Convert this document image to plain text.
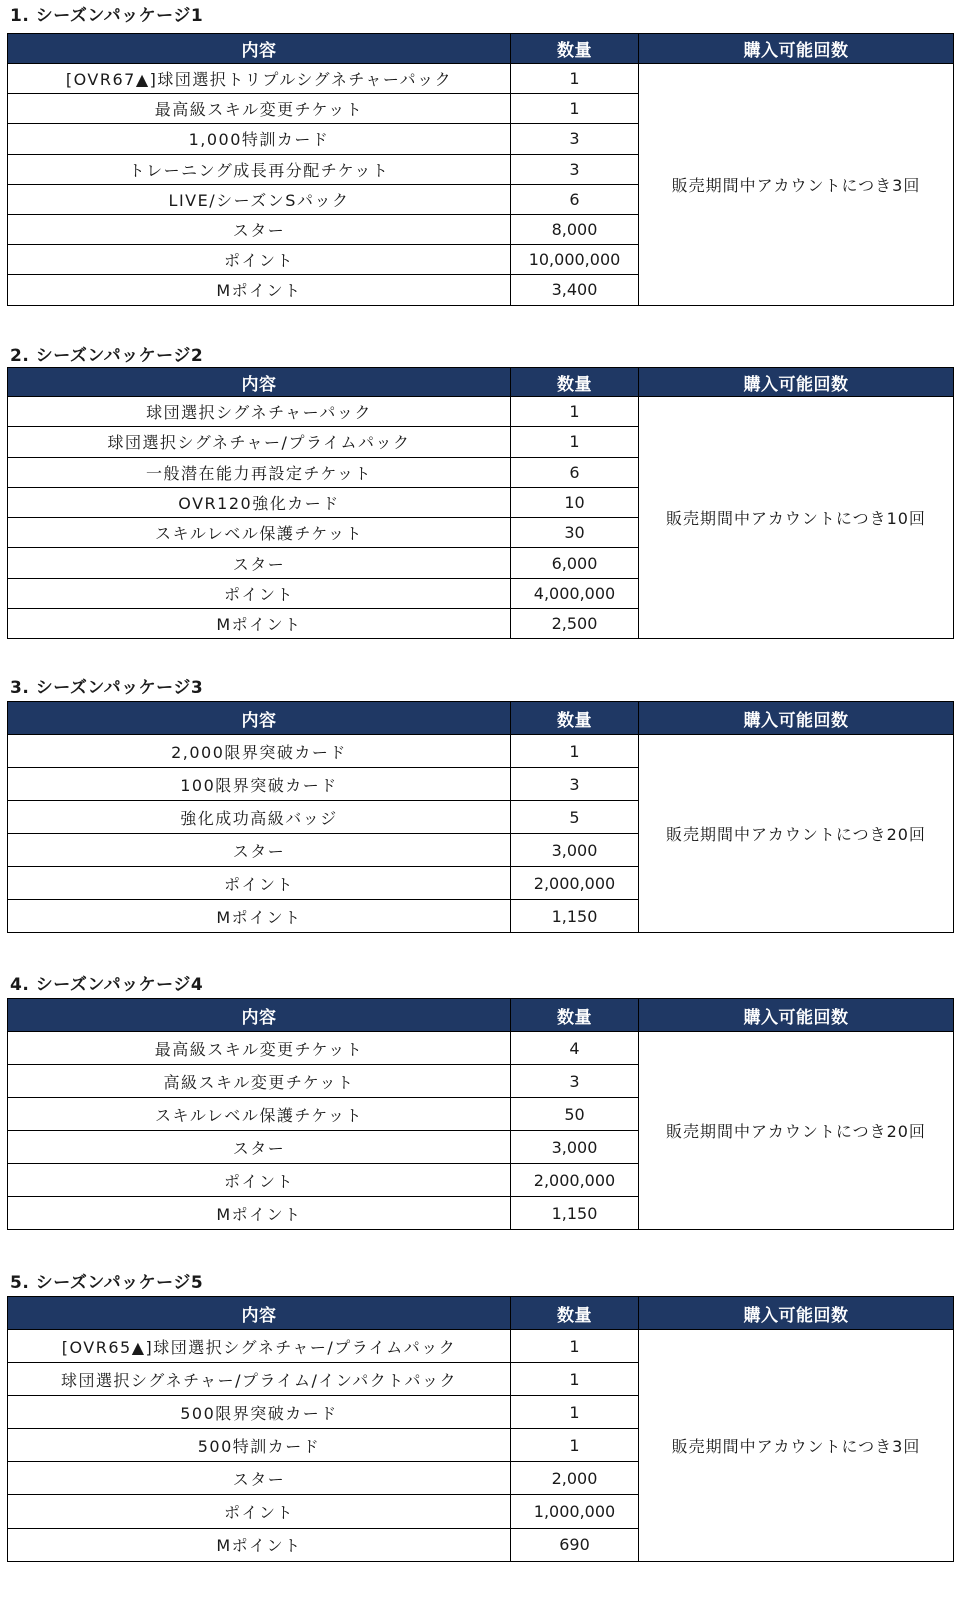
1. シーズンパッケージ1
内容	数量	購入可能回数
[OVR67▲]球団選択トリプルシグネチャーパック	1	販売期間中アカウントにつき3回
最高級スキル変更チケット	1	
1,000特訓カード	3	
トレーニング成長再分配チケット	3	
LIVE/シーズンSパック	6	
スター	8,000	
ポイント	10,000,000	
Mポイント	3,400	
2. シーズンパッケージ2
内容	数量	購入可能回数
球団選択シグネチャーパック	1	販売期間中アカウントにつき10回
球団選択シグネチャー/プライムパック	1	
一般潜在能力再設定チケット	6	
OVR120強化カード	10	
スキルレベル保護チケット	30	
スター	6,000	
ポイント	4,000,000	
Mポイント	2,500	
3. シーズンパッケージ3
内容	数量	購入可能回数
2,000限界突破カード	1	販売期間中アカウントにつき20回
100限界突破カード	3	
強化成功高級バッジ	5	
スター	3,000	
ポイント	2,000,000	
Mポイント	1,150	
4. シーズンパッケージ4
内容	数量	購入可能回数
最高級スキル変更チケット	4	販売期間中アカウントにつき20回
高級スキル変更チケット	3	
スキルレベル保護チケット	50	
スター	3,000	
ポイント	2,000,000	
Mポイント	1,150	
5. シーズンパッケージ5
内容	数量	購入可能回数
[OVR65▲]球団選択シグネチャー/プライムパック	1	販売期間中アカウントにつき3回
球団選択シグネチャー/プライム/インパクトパック	1	
500限界突破カード	1	
500特訓カード	1	
スター	2,000	
ポイント	1,000,000	
Mポイント	690	
